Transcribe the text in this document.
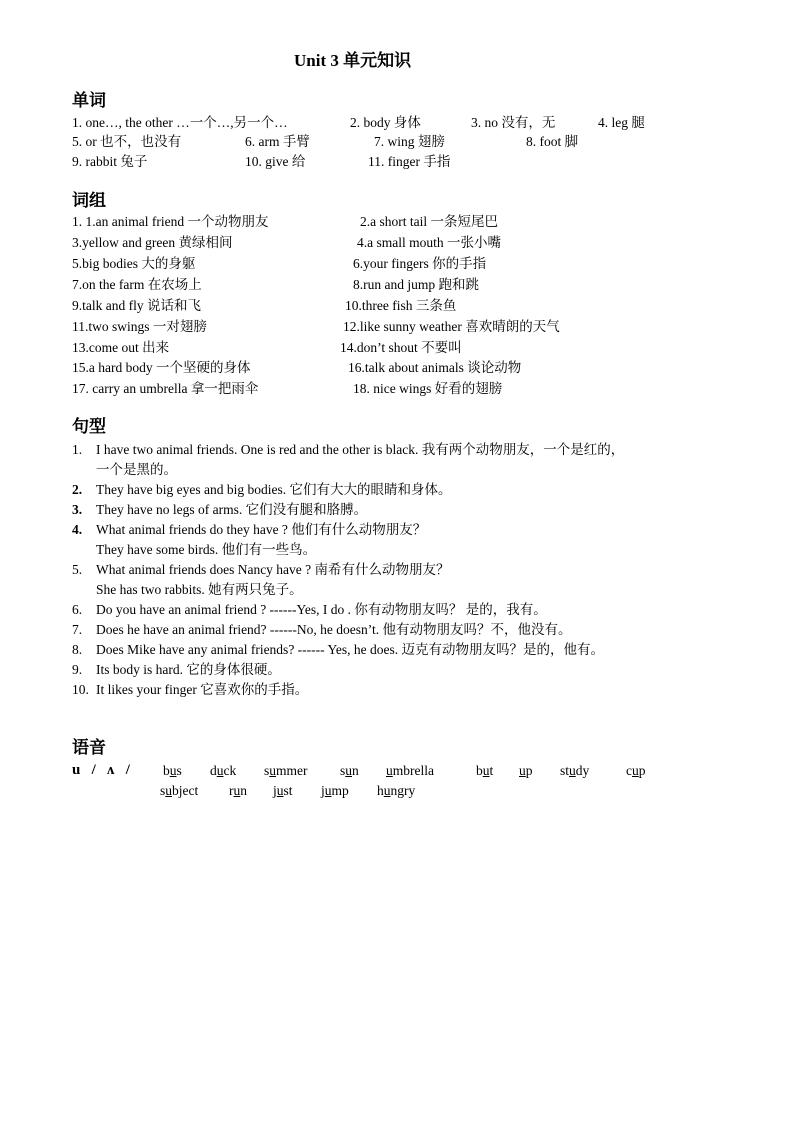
Unit 3 单元知识
单词
1. one…, the other …一个…,另一个…	2. body 身体	3. no 没有，无	4. leg 腿
5. or 也不，也没有	6. arm 手臂	7. wing 翅膀	8. foot 脚
9. rabbit 兔子	10. give 给	11. finger 手指
词组
1. 1.an animal friend 一个动物朋友	2.a short tail 一条短尾巴
3.yellow and green 黄绿相间	4.a small mouth 一张小嘴
5.big bodies 大的身躯	6.your fingers 你的手指
7.on the farm 在农场上	8.run and jump 跑和跳
9.talk and fly 说话和飞	10.three fish 三条鱼
11.two swings 一对翅膀	12.like sunny weather 喜欢晴朗的天气
13.come out 出来	14.don’t shout 不要叫
15.a hard body 一个坚硬的身体	16.talk about animals 谈论动物
17. carry an umbrella 拿一把雨伞	18. nice wings 好看的翅膀
句型
1. I have two animal friends. One is red and the other is black. 我有两个动物朋友，一个是红的，
一个是黑的。
2. They have big eyes and big bodies. 它们有大大的眼睛和身体。
3. They have no legs of arms. 它们没有腿和胳膊。
4. What animal friends do they have ? 他们有什么动物朋友？
They have some birds. 他们有一些鸟。
5. What animal friends does Nancy have ? 南希有什么动物朋友？
She has two rabbits. 她有两只兔子。
6. Do you have an animal friend ? ------Yes, I do . 你有动物朋友吗？ 是的，我有。
7. Does he have an animal friend? ------No, he doesn’t. 他有动物朋友吗？不，他没有。
8. Does Mike have any animal friends? ------ Yes, he does. 迈克有动物朋友吗？是的，他有。
9. Its body is hard. 它的身体很硬。
10. It likes your finger 它喜欢你的手指。
语音
u   /   ʌ   / bus duck summer sun umbrella	but up study	cup
subject run just jump hungry
